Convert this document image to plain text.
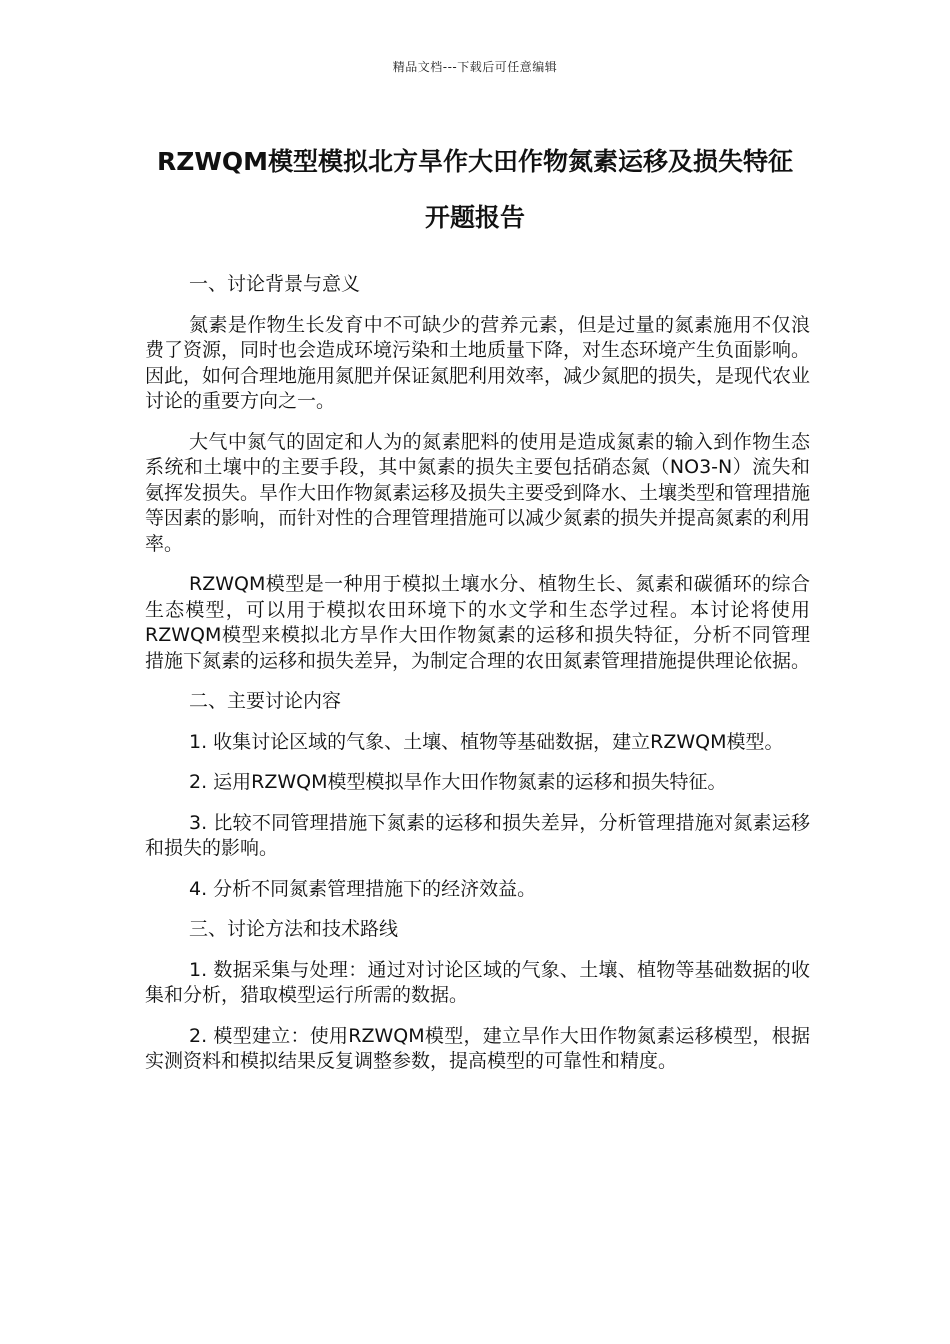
精品文档---下载后可任意编辑
RZWQM模型模拟北方旱作大田作物氮素运移及损失特征开题报告

一、讨论背景与意义

氮素是作物生长发育中不可缺少的营养元素，但是过量的氮素施用不仅浪费了资源，同时也会造成环境污染和土地质量下降，对生态环境产生负面影响。因此，如何合理地施用氮肥并保证氮肥利用效率，减少氮肥的损失，是现代农业讨论的重要方向之一。

大气中氮气的固定和人为的氮素肥料的使用是造成氮素的输入到作物生态系统和土壤中的主要手段，其中氮素的损失主要包括硝态氮（NO3-N）流失和氨挥发损失。旱作大田作物氮素运移及损失主要受到降水、土壤类型和管理措施等因素的影响，而针对性的合理管理措施可以减少氮素的损失并提高氮素的利用率。

RZWQM模型是一种用于模拟土壤水分、植物生长、氮素和碳循环的综合生态模型，可以用于模拟农田环境下的水文学和生态学过程。本讨论将使用RZWQM模型来模拟北方旱作大田作物氮素的运移和损失特征，分析不同管理措施下氮素的运移和损失差异，为制定合理的农田氮素管理措施提供理论依据。

二、主要讨论内容

1. 收集讨论区域的气象、土壤、植物等基础数据，建立RZWQM模型。

2. 运用RZWQM模型模拟旱作大田作物氮素的运移和损失特征。

3. 比较不同管理措施下氮素的运移和损失差异，分析管理措施对氮素运移和损失的影响。

4. 分析不同氮素管理措施下的经济效益。

三、讨论方法和技术路线

1. 数据采集与处理：通过对讨论区域的气象、土壤、植物等基础数据的收集和分析，猎取模型运行所需的数据。

2. 模型建立：使用RZWQM模型，建立旱作大田作物氮素运移模型，根据实测资料和模拟结果反复调整参数，提高模型的可靠性和精度。
